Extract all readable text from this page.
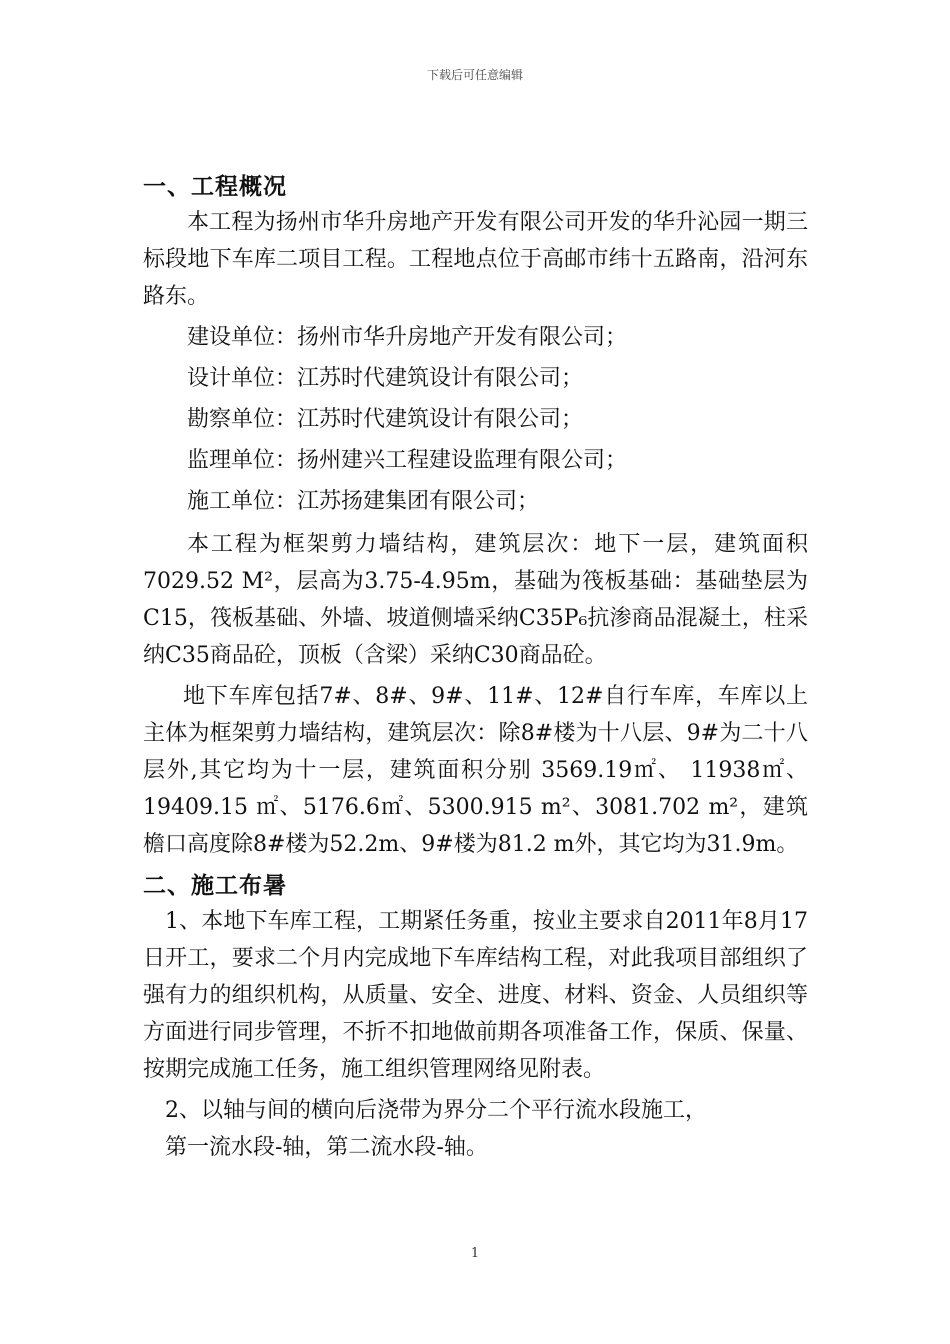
下载后可任意编辑
一、工程概况

本工程为扬州市华升房地产开发有限公司开发的华升沁园一期三标段地下车库二项目工程。工程地点位于高邮市纬十五路南，沿河东路东。

建设单位：扬州市华升房地产开发有限公司；

设计单位：江苏时代建筑设计有限公司；

勘察单位：江苏时代建筑设计有限公司；

监理单位：扬州建兴工程建设监理有限公司；

施工单位：江苏扬建集团有限公司；

本工程为框架剪力墙结构，建筑层次：地下一层，建筑面积 7029.52 M²，层高为3.75-4.95m，基础为筏板基础：基础垫层为C15，筏板基础、外墙、坡道侧墙采纳C35P₆抗渗商品混凝土，柱采纳C35商品砼，顶板（含梁）采纳C30商品砼。

地下车库包括7#、8#、9#、11#、12#自行车库，车库以上主体为框架剪力墙结构，建筑层次：除8#楼为十八层、9#为二十八层外,其它均为十一层，建筑面积分别 3569.19㎡、 11938㎡、19409.15 ㎡、5176.6㎡、5300.915 m²、3081.702 m²，建筑檐口高度除8#楼为52.2m、9#楼为81.2 m外，其它均为31.9m。

二、施工布暑

1、本地下车库工程，工期紧任务重，按业主要求自2011年8月17日开工，要求二个月内完成地下车库结构工程，对此我项目部组织了强有力的组织机构，从质量、安全、进度、材料、资金、人员组织等方面进行同步管理，不折不扣地做前期各项准备工作，保质、保量、按期完成施工任务，施工组织管理网络见附表。

2、以轴与间的横向后浇带为界分二个平行流水段施工，

第一流水段-轴，第二流水段-轴。

1
